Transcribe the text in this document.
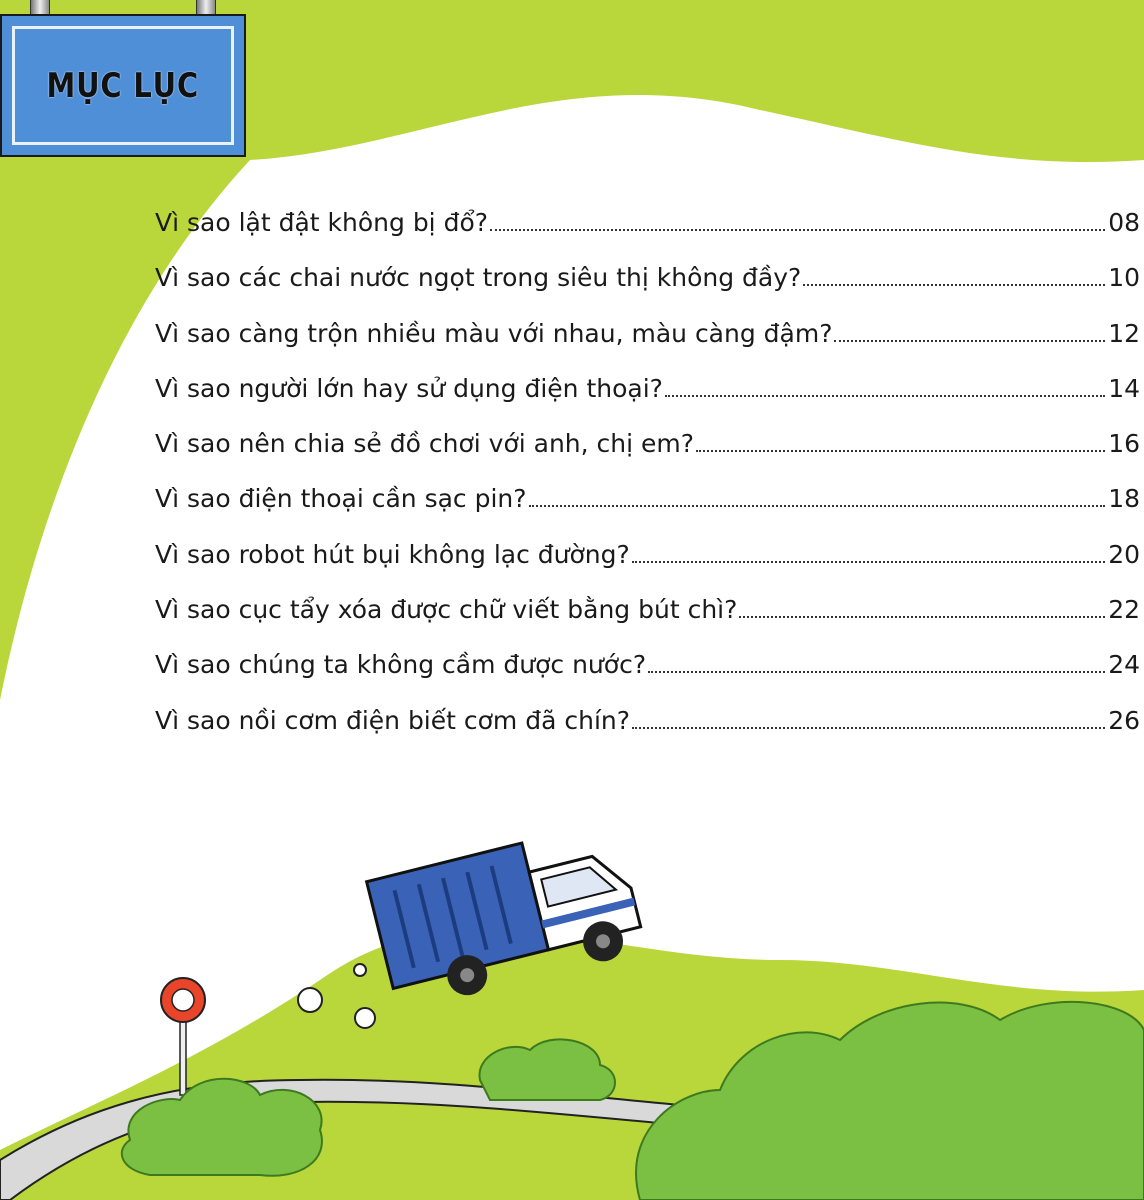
MỤC LỤC
Vì sao lật đật không bị đổ?	08
Vì sao các chai nước ngọt trong siêu thị không đầy?	10
Vì sao càng trộn nhiều màu với nhau, màu càng đậm?	12
Vì sao người lớn hay sử dụng điện thoại?	14
Vì sao nên chia sẻ đồ chơi với anh, chị em?	16
Vì sao điện thoại cần sạc pin?	18
Vì sao robot hút bụi không lạc đường?	20
Vì sao cục tẩy xóa được chữ viết bằng bút chì?	22
Vì sao chúng ta không cầm được nước?	24
Vì sao nồi cơm điện biết cơm đã chín?	26
